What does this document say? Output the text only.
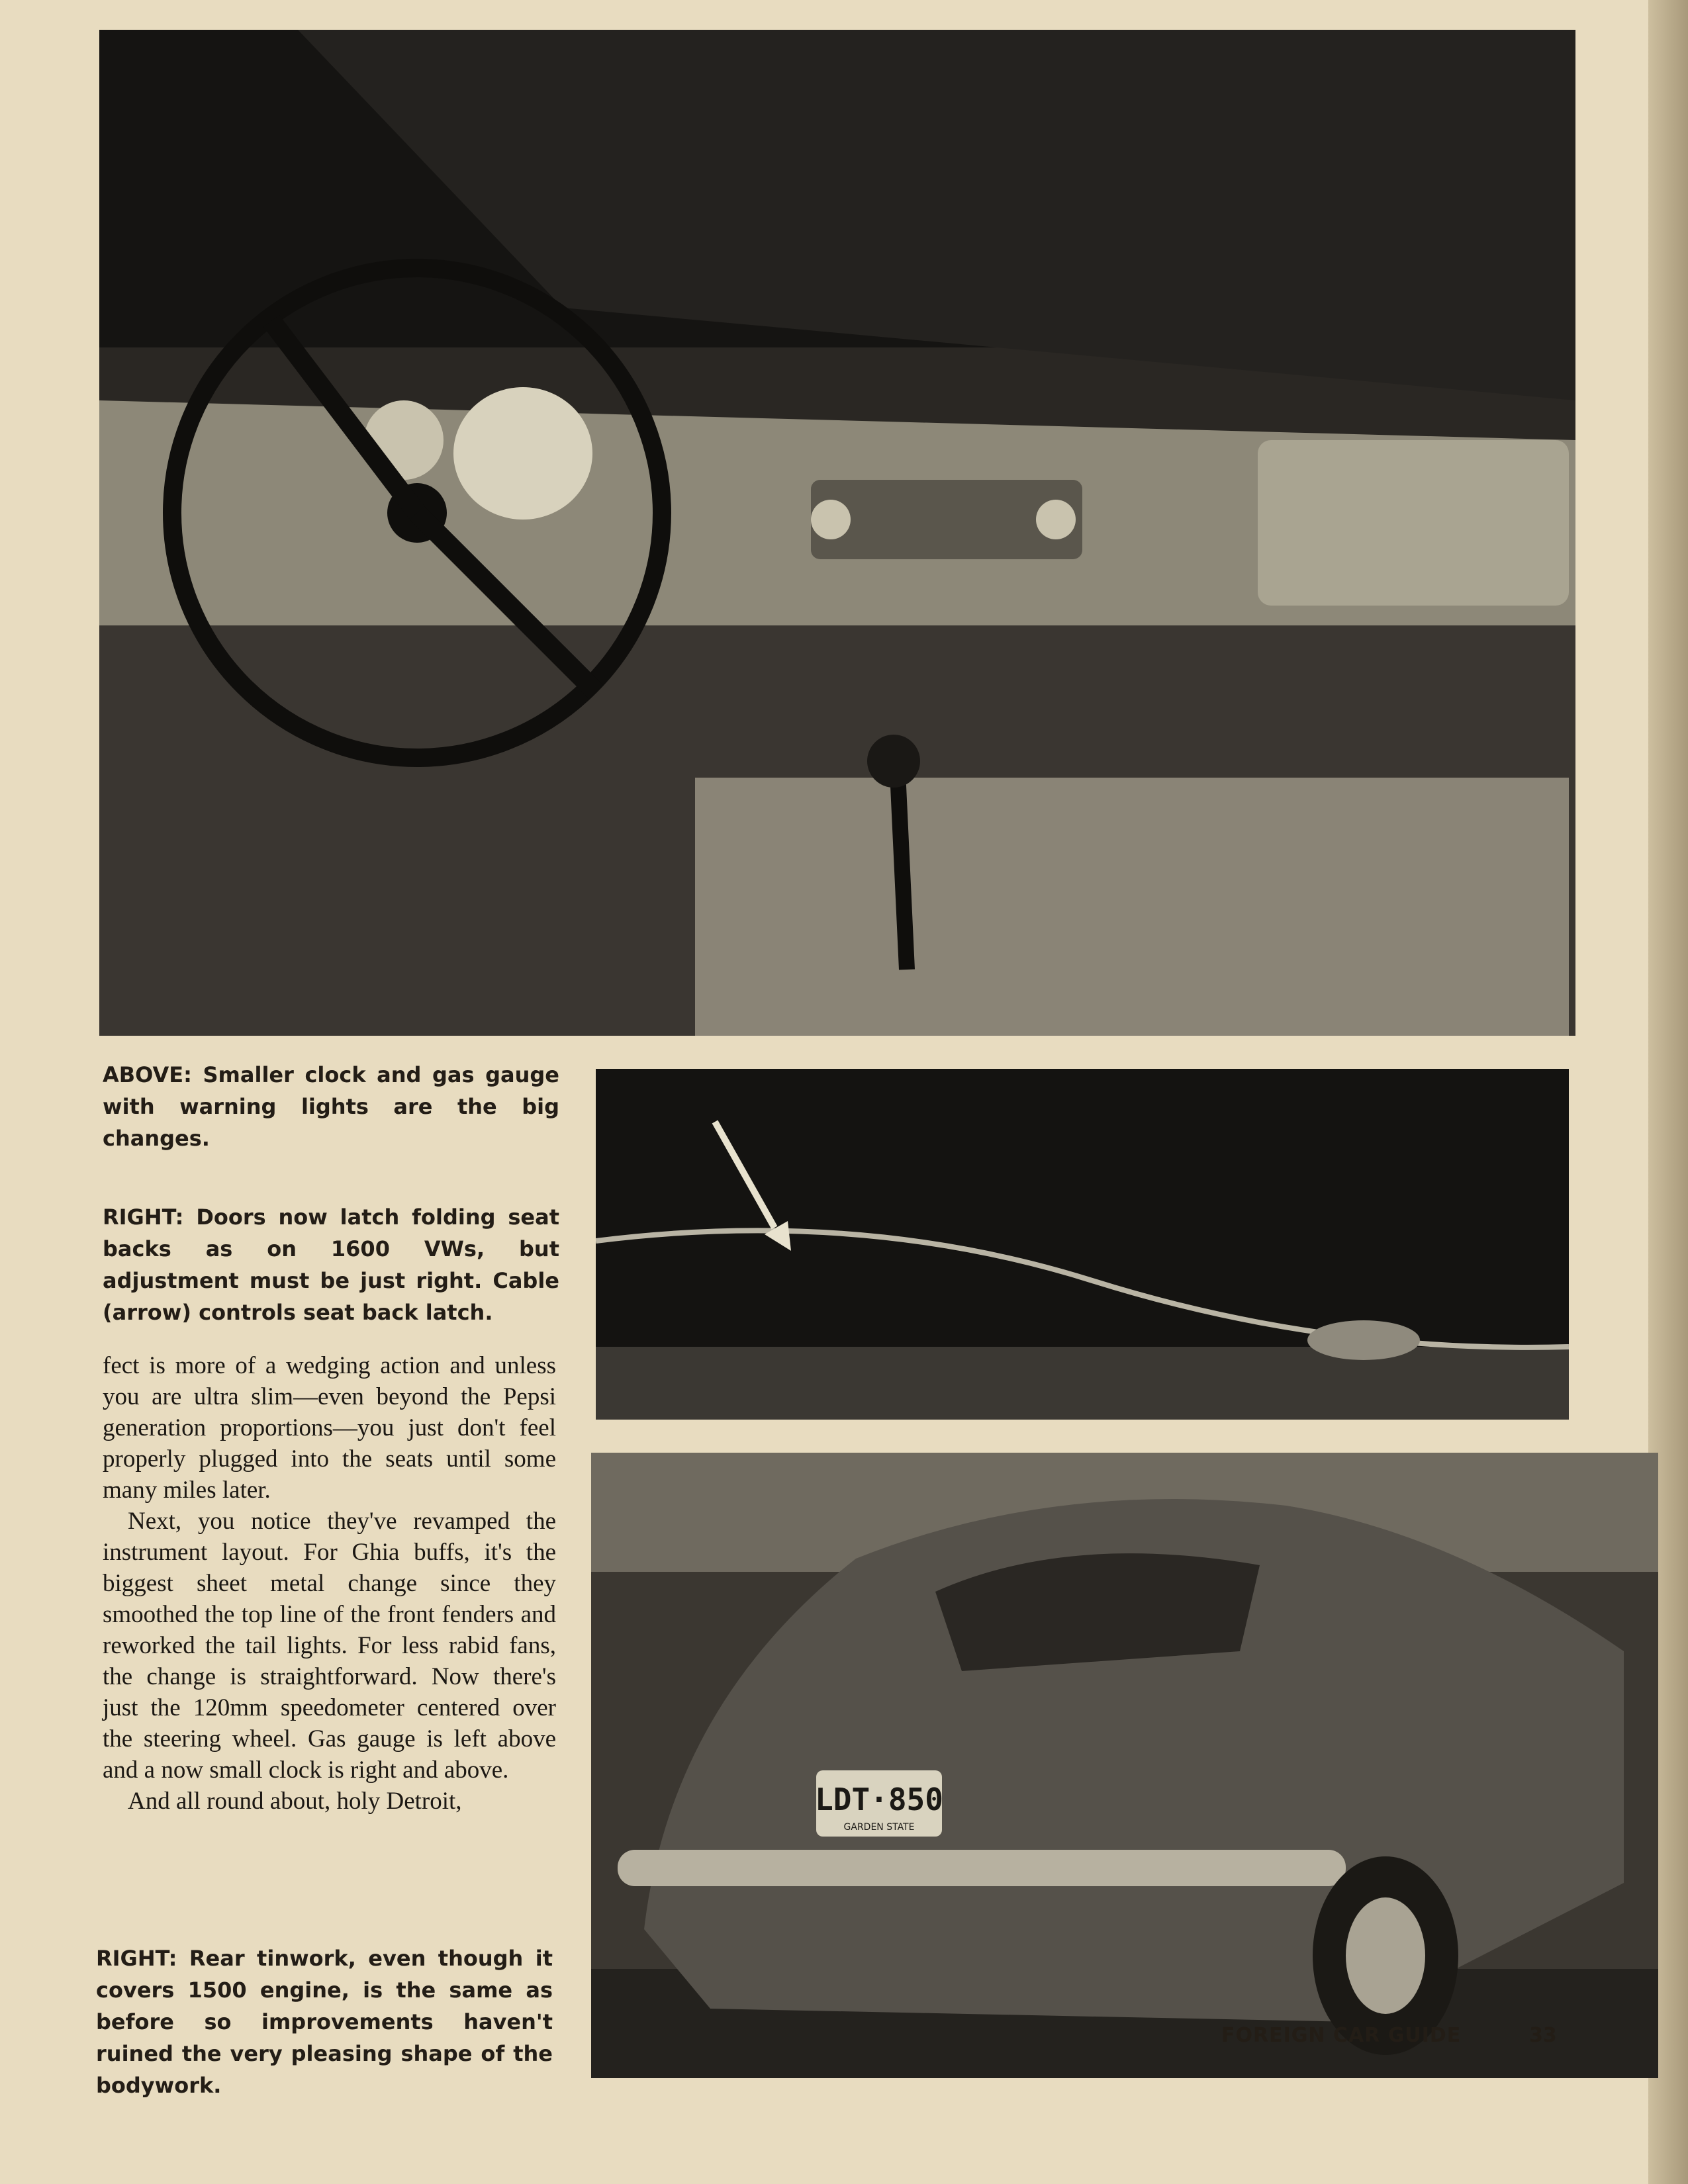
LDT·850
GARDEN STATE
ABOVE: Smaller clock and gas gauge with warning lights are the big changes.
RIGHT: Doors now latch folding seat backs as on 1600 VWs, but adjustment must be just right. Cable (arrow) controls seat back latch.

fect is more of a wedging action and unless you are ultra slim—even beyond the Pepsi generation proportions—you just don't feel properly plugged into the seats until some many miles later.

Next, you notice they've revamped the instrument layout. For Ghia buffs, it's the biggest sheet metal change since they smoothed the top line of the front fenders and reworked the tail lights. For less rabid fans, the change is straightforward. Now there's just the 120mm speedometer centered over the steering wheel. Gas gauge is left above and a now small clock is right and above.

And all round about, holy Detroit,

RIGHT: Rear tinwork, even though it covers 1500 engine, is the same as before so improvements haven't ruined the very pleasing shape of the bodywork.
FOREIGN CAR GUIDE	33
